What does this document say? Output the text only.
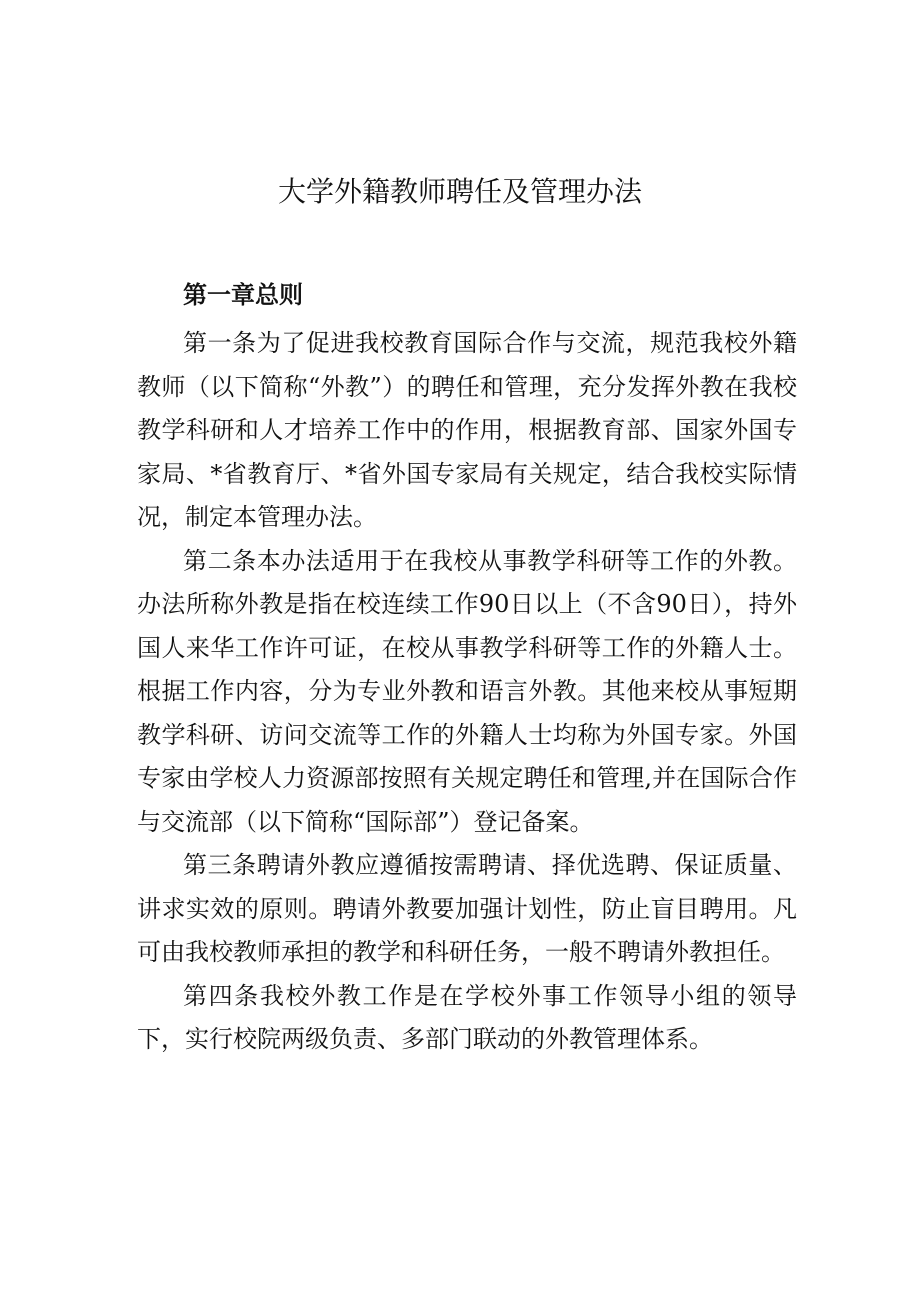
大学外籍教师聘任及管理办法
第一章总则

第一条为了促进我校教育国际合作与交流，规范我校外籍教师（以下简称“外教”）的聘任和管理，充分发挥外教在我校教学科研和人才培养工作中的作用，根据教育部、国家外国专家局、*省教育厅、*省外国专家局有关规定，结合我校实际情况，制定本管理办法。

第二条本办法适用于在我校从事教学科研等工作的外教。办法所称外教是指在校连续工作90日以上（不含90日），持外国人来华工作许可证，在校从事教学科研等工作的外籍人士。根据工作内容，分为专业外教和语言外教。其他来校从事短期教学科研、访问交流等工作的外籍人士均称为外国专家。外国专家由学校人力资源部按照有关规定聘任和管理,并在国际合作与交流部（以下简称“国际部”）登记备案。

第三条聘请外教应遵循按需聘请、择优选聘、保证质量、讲求实效的原则。聘请外教要加强计划性，防止盲目聘用。凡可由我校教师承担的教学和科研任务，一般不聘请外教担任。

第四条我校外教工作是在学校外事工作领导小组的领导下，实行校院两级负责、多部门联动的外教管理体系。
